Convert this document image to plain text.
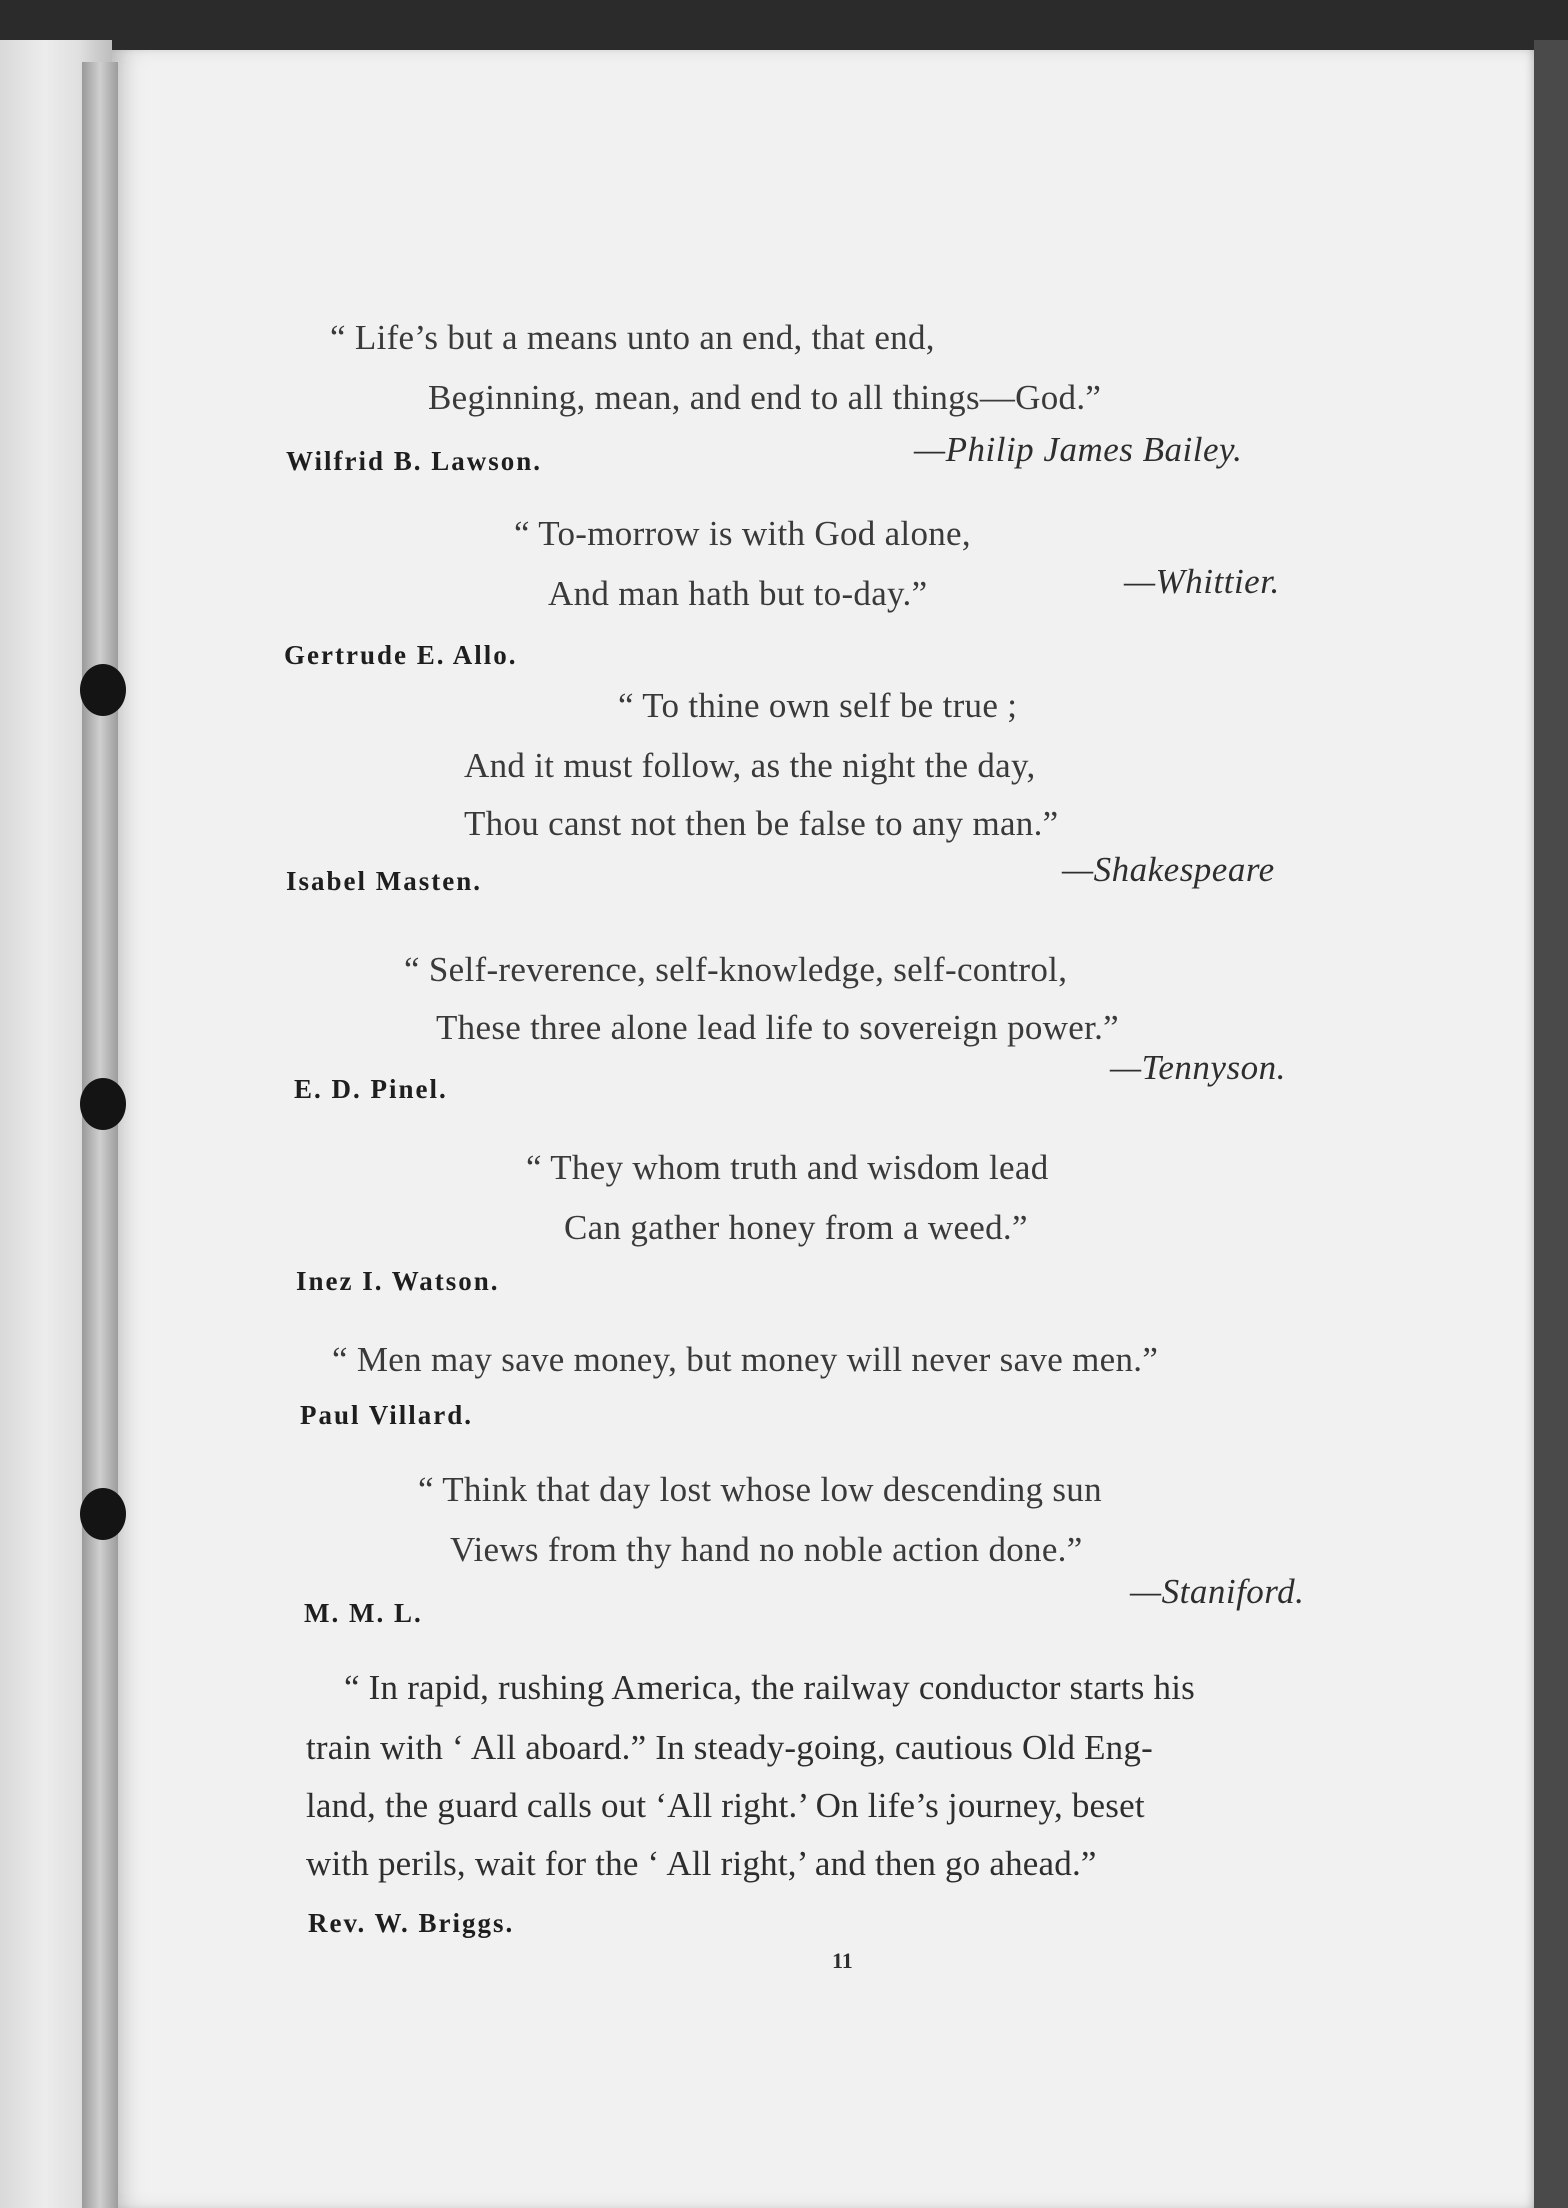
“ Life’s but a means unto an end, that end,
Beginning, mean, and end to all things—God.”
Wilfrid B. Lawson.	—Philip James Bailey.
“ To-morrow is with God alone,
And man hath but to-day.”	—Whittier.
Gertrude E. Allo.
“ To thine own self be true ;
And it must follow, as the night the day,
Thou canst not then be false to any man.”
Isabel Masten.	—Shakespeare
“ Self-reverence, self-knowledge, self-control,
These three alone lead life to sovereign power.”
—Tennyson.
E. D. Pinel.
“ They whom truth and wisdom lead
Can gather honey from a weed.”
Inez I. Watson.
“ Men may save money, but money will never save men.”
Paul Villard.
“ Think that day lost whose low descending sun
Views from thy hand no noble action done.”
—Staniford.
M. M. L.
“ In rapid, rushing America, the railway conductor starts his
train with ‘ All aboard.” In steady-going, cautious Old Eng-
land, the guard calls out ‘All right.’ On life’s journey, beset
with perils, wait for the ‘ All right,’ and then go ahead.”
Rev. W. Briggs.
11
